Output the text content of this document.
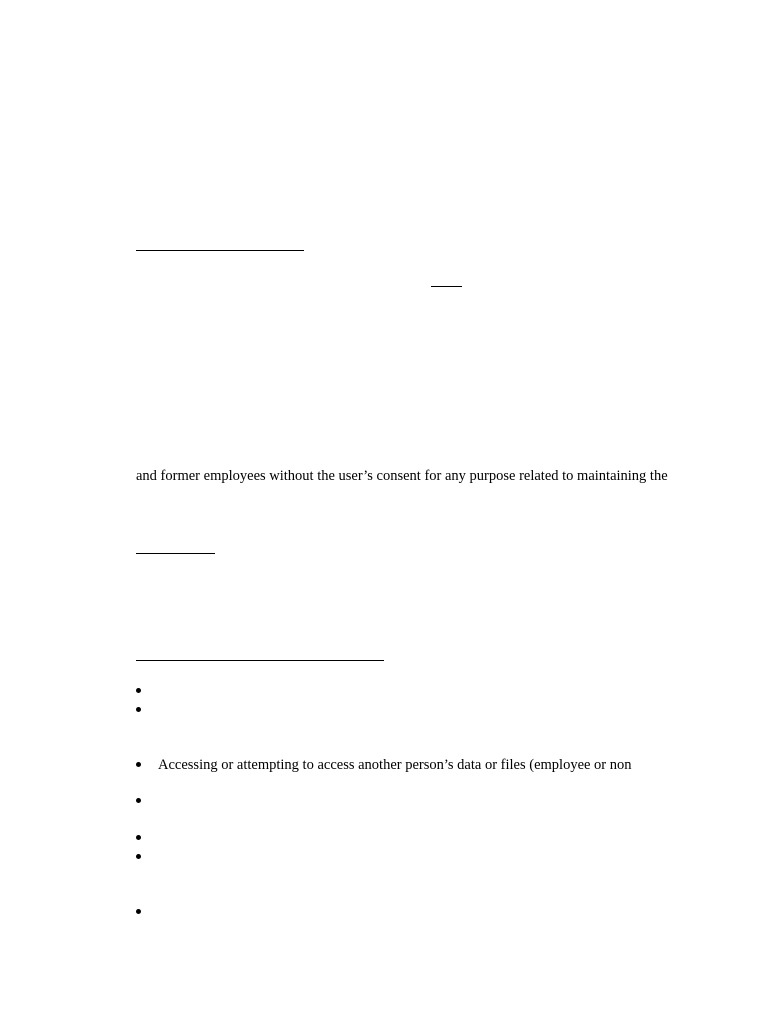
and former employees without the user’s consent for any purpose related to maintaining the
Accessing or attempting to access another person’s data or files (employee or non
